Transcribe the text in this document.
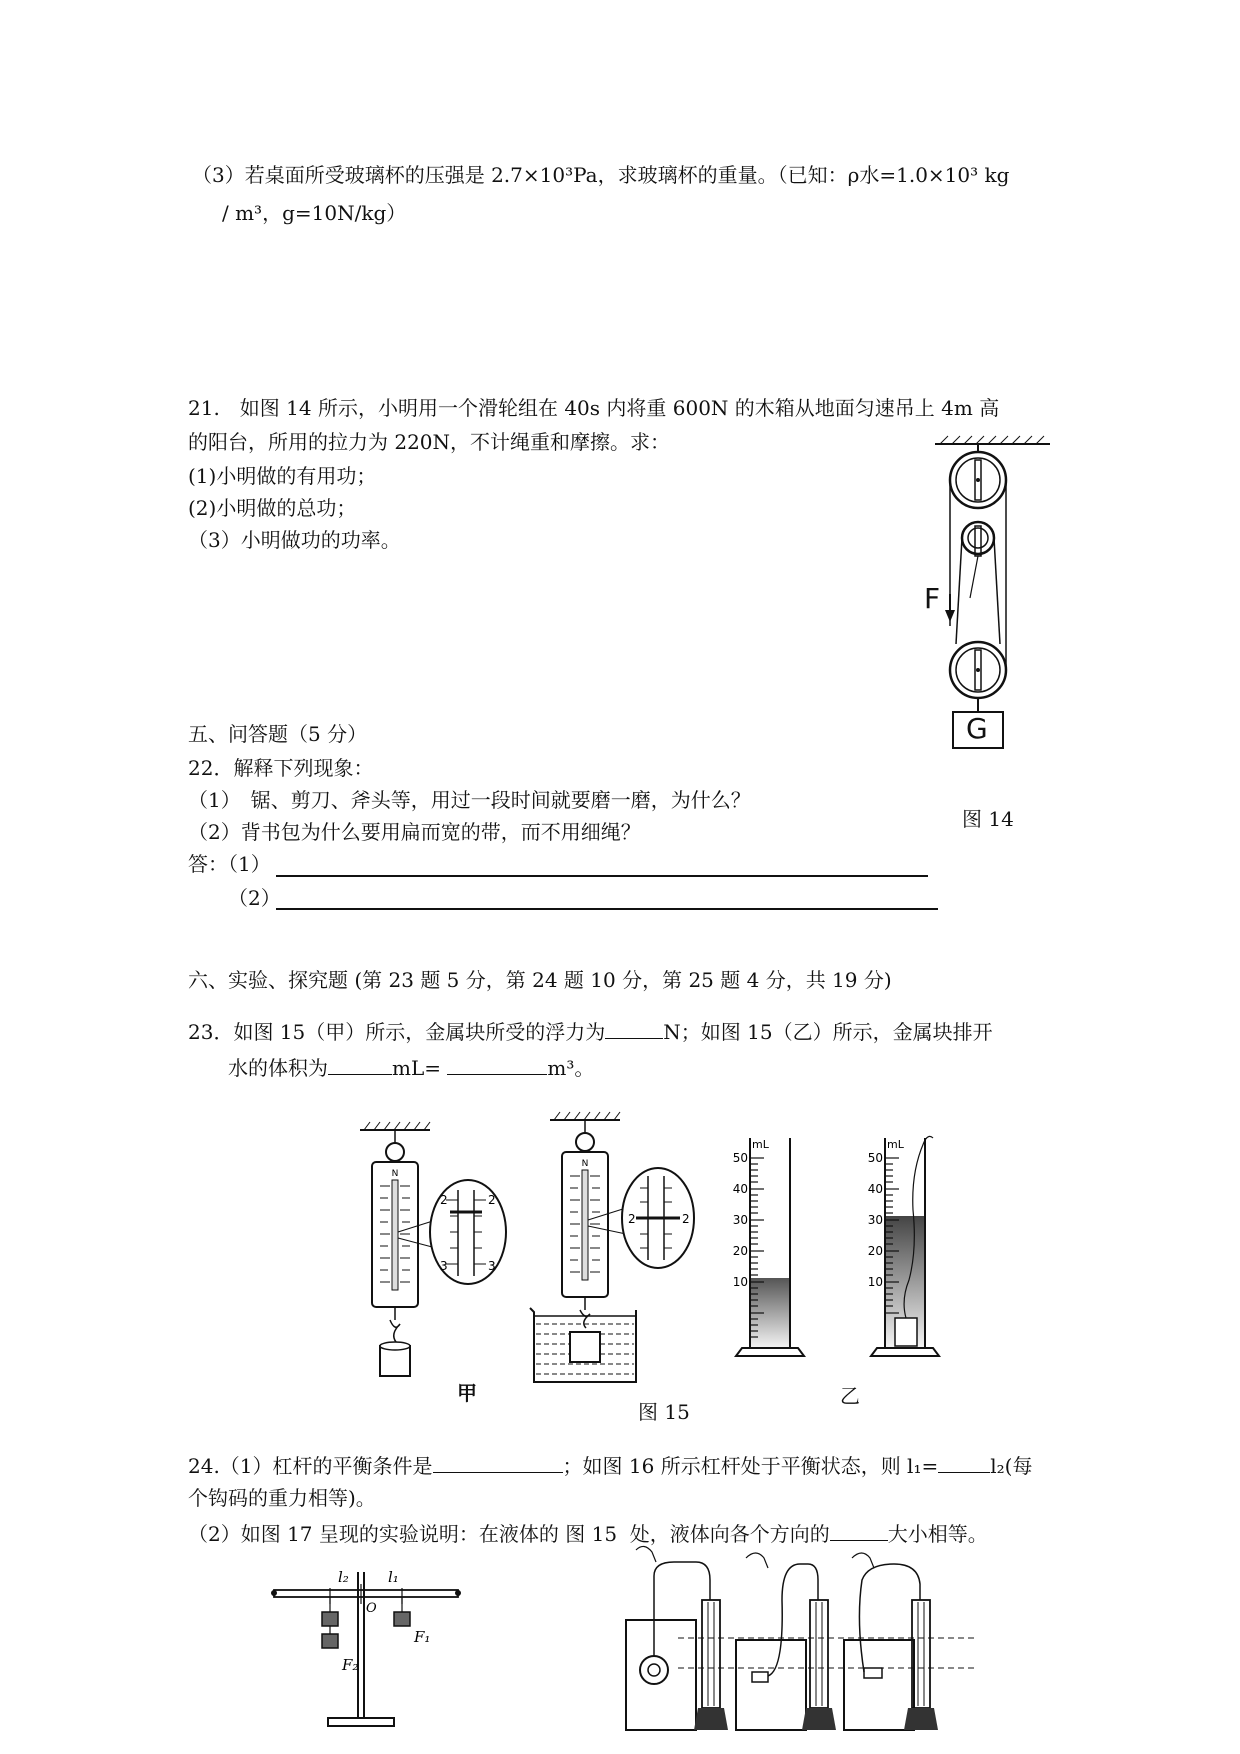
（3）若桌面所受玻璃杯的压强是 2.7×10³Pa，求玻璃杯的重量。（已知：ρ水=1.0×10³ kg
/ m³，g=10N/kg）
21.　如图 14 所示，小明用一个滑轮组在 40s 内将重 600N 的木箱从地面匀速吊上 4m 高
的阳台，所用的拉力为 220N，不计绳重和摩擦。求：
(1)小明做的有用功；
(2)小明做的总功；
（3）小明做功的功率。
F
G
图 14
五、问答题（5 分）
22．解释下列现象：
（1）　锯、剪刀、斧头等，用过一段时间就要磨一磨，为什么？
（2）背书包为什么要用扁而宽的带，而不用细绳？
答：（1）
（2）
六、实验、探究题 (第 23 题 5 分，第 24 题 10 分，第 25 题 4 分，共 19 分)
23．如图 15（甲）所示，金属块所受的浮力为	N；如图 15（乙）所示，金属块排开
水的体积为	mL=	m³。
N
2	2
3	3
N
2	2
mL
50
40
30
20
10
mL
50
40
30
20
10
甲	乙
图 15
24.（1）杠杆的平衡条件是	；如图 16 所示杠杆处于平衡状态，则 l₁=	l₂(每
个钩码的重力相等)。
（2）如图 17 呈现的实验说明：在液体的 图 15 处，液体向各个方向的	大小相等。
l₂	l₁
O
F₁
F₂
